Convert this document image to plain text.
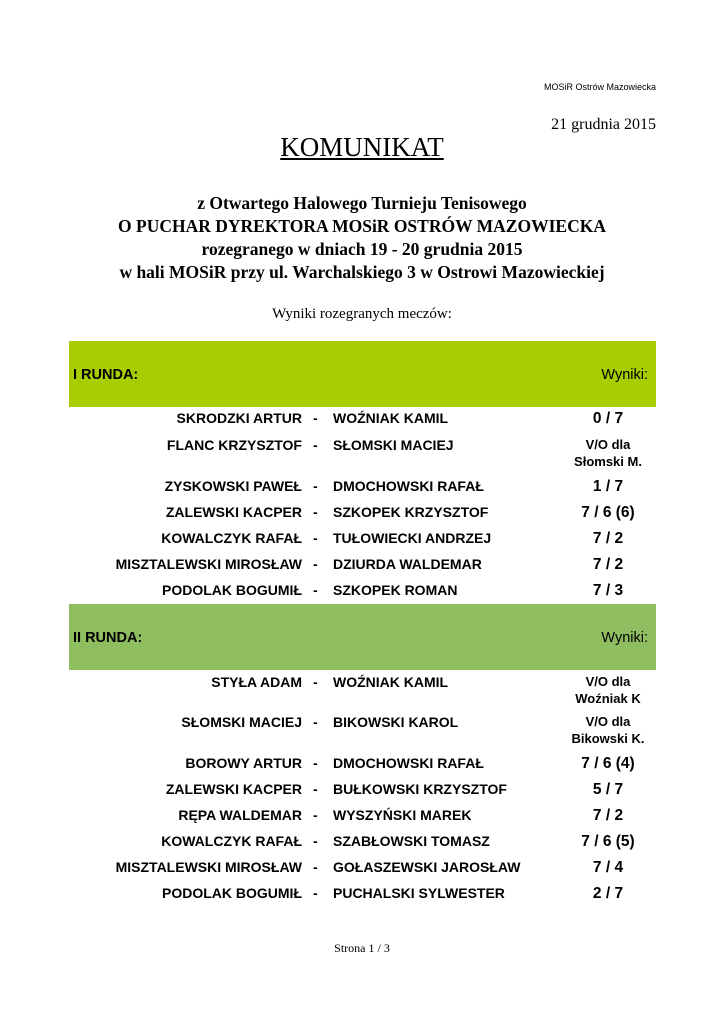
MOSiR Ostrów Mazowiecka
21 grudnia 2015
KOMUNIKAT
z Otwartego Halowego Turnieju Tenisowego
O PUCHAR DYREKTORA MOSiR OSTRÓW MAZOWIECKA
rozegranego w dniach 19 - 20 grudnia 2015
w hali MOSiR przy ul. Warchalskiego 3 w Ostrowi Mazowieckiej
Wyniki rozegranych meczów:
I RUNDA:	Wyniki:
SKRODZKI ARTUR - WOŹNIAK KAMIL	0 / 7
FLANC KRZYSZTOF - SŁOMSKI MACIEJ	V/O dla
Słomski M.
ZYSKOWSKI PAWEŁ - DMOCHOWSKI RAFAŁ	1 / 7
ZALEWSKI KACPER - SZKOPEK KRZYSZTOF	7 / 6 (6)
KOWALCZYK RAFAŁ - TUŁOWIECKI ANDRZEJ	7 / 2
MISZTALEWSKI MIROSŁAW - DZIURDA WALDEMAR	7 / 2
PODOLAK BOGUMIŁ - SZKOPEK ROMAN	7 / 3
II RUNDA:	Wyniki:
STYŁA ADAM - WOŹNIAK KAMIL	V/O dla
Woźniak K
SŁOMSKI MACIEJ - BIKOWSKI KAROL	V/O dla
Bikowski K.
BOROWY ARTUR - DMOCHOWSKI RAFAŁ	7 / 6 (4)
ZALEWSKI KACPER - BUŁKOWSKI KRZYSZTOF	5 / 7
RĘPA WALDEMAR - WYSZYŃSKI MAREK	7 / 2
KOWALCZYK RAFAŁ - SZABŁOWSKI TOMASZ	7 / 6 (5)
MISZTALEWSKI MIROSŁAW - GOŁASZEWSKI JAROSŁAW	7 / 4
PODOLAK BOGUMIŁ - PUCHALSKI SYLWESTER	2 / 7
Strona 1 / 3
